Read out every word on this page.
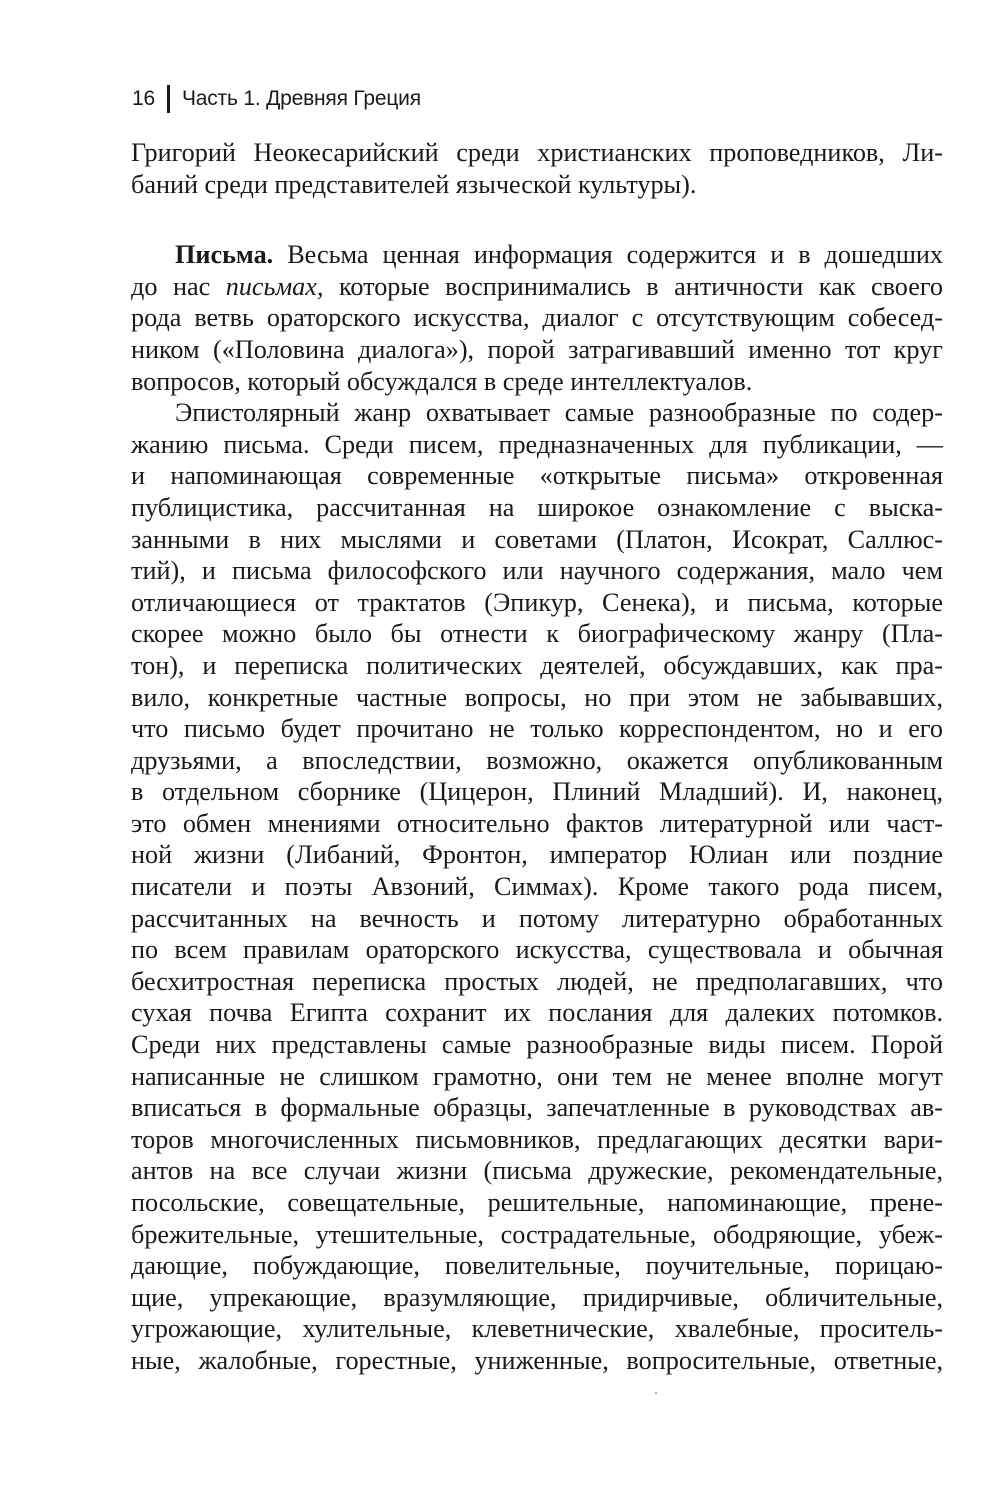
16 Часть 1. Древняя Греция
Григорий Неокесарийский среди христианских проповедников, Ли-
баний среди представителей языческой культуры).
Письма. Весьма ценная информация содержится и в дошедших
до нас письмах, которые воспринимались в античности как своего
рода ветвь ораторского искусства, диалог с отсутствующим собесед-
ником («Половина диалога»), порой затрагивавший именно тот круг
вопросов, который обсуждался в среде интеллектуалов.
Эпистолярный жанр охватывает самые разнообразные по содер-
жанию письма. Среди писем, предназначенных для публикации, —
и напоминающая современные «открытые письма» откровенная
публицистика, рассчитанная на широкое ознакомление с выска-
занными в них мыслями и советами (Платон, Исократ, Саллюс-
тий), и письма философского или научного содержания, мало чем
отличающиеся от трактатов (Эпикур, Сенека), и письма, которые
скорее можно было бы отнести к биографическому жанру (Пла-
тон), и переписка политических деятелей, обсуждавших, как пра-
вило, конкретные частные вопросы, но при этом не забывавших,
что письмо будет прочитано не только корреспондентом, но и его
друзьями, а впоследствии, возможно, окажется опубликованным
в отдельном сборнике (Цицерон, Плиний Младший). И, наконец,
это обмен мнениями относительно фактов литературной или част-
ной жизни (Либаний, Фронтон, император Юлиан или поздние
писатели и поэты Авзоний, Симмах). Кроме такого рода писем,
рассчитанных на вечность и потому литературно обработанных
по всем правилам ораторского искусства, существовала и обычная
бесхитростная переписка простых людей, не предполагавших, что
сухая почва Египта сохранит их послания для далеких потомков.
Среди них представлены самые разнообразные виды писем. Порой
написанные не слишком грамотно, они тем не менее вполне могут
вписаться в формальные образцы, запечатленные в руководствах ав-
торов многочисленных письмовников, предлагающих десятки вари-
антов на все случаи жизни (письма дружеские, рекомендательные,
посольские, совещательные, решительные, напоминающие, прене-
брежительные, утешительные, сострадательные, ободряющие, убеж-
дающие, побуждающие, повелительные, поучительные, порицаю-
щие, упрекающие, вразумляющие, придирчивые, обличительные,
угрожающие, хулительные, клеветнические, хвалебные, проситель-
ные, жалобные, горестные, униженные, вопросительные, ответные,
